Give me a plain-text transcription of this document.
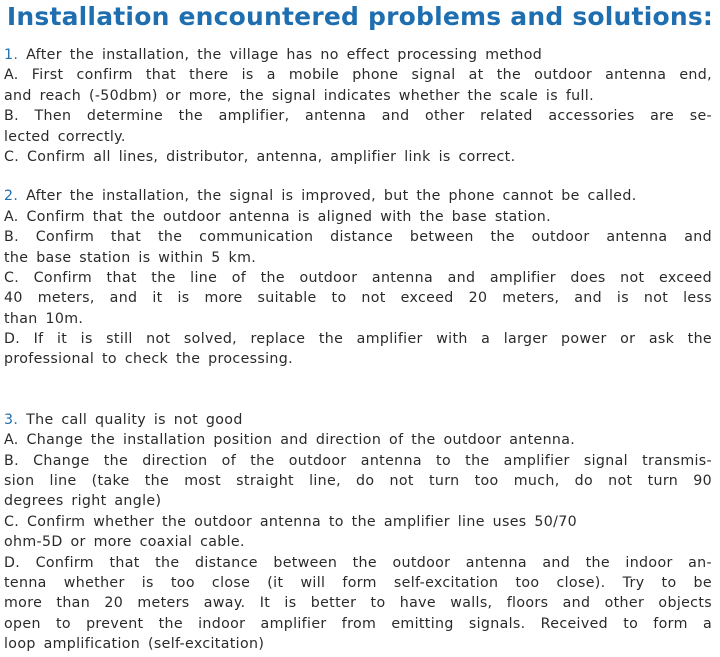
Installation encountered problems and solutions:
1. After the installation, the village has no effect processing method
A. First confirm that there is a mobile phone signal at the outdoor antenna end,
and reach (-50dbm) or more, the signal indicates whether the scale is full.
B. Then determine the amplifier, antenna and other related accessories are se-
lected correctly.
C. Confirm all lines, distributor, antenna, amplifier link is correct.
2. After the installation, the signal is improved, but the phone cannot be called.
A. Confirm that the outdoor antenna is aligned with the base station.
B. Confirm that the communication distance between the outdoor antenna and
the base station is within 5 km.
C. Confirm that the line of the outdoor antenna and amplifier does not exceed
40 meters, and it is more suitable to not exceed 20 meters, and is not less
than 10m.
D. If it is still not solved, replace the amplifier with a larger power or ask the
professional to check the processing.
3. The call quality is not good
A. Change the installation position and direction of the outdoor antenna.
B. Change the direction of the outdoor antenna to the amplifier signal transmis-
sion line (take the most straight line, do not turn too much, do not turn 90
degrees right angle)
C. Confirm whether the outdoor antenna to the amplifier line uses 50/70
ohm-5D or more coaxial cable.
D. Confirm that the distance between the outdoor antenna and the indoor an-
tenna whether is too close (it will form self-excitation too close). Try to be
more than 20 meters away. It is better to have walls, floors and other objects
open to prevent the indoor amplifier from emitting signals. Received to form a
loop amplification (self-excitation)
